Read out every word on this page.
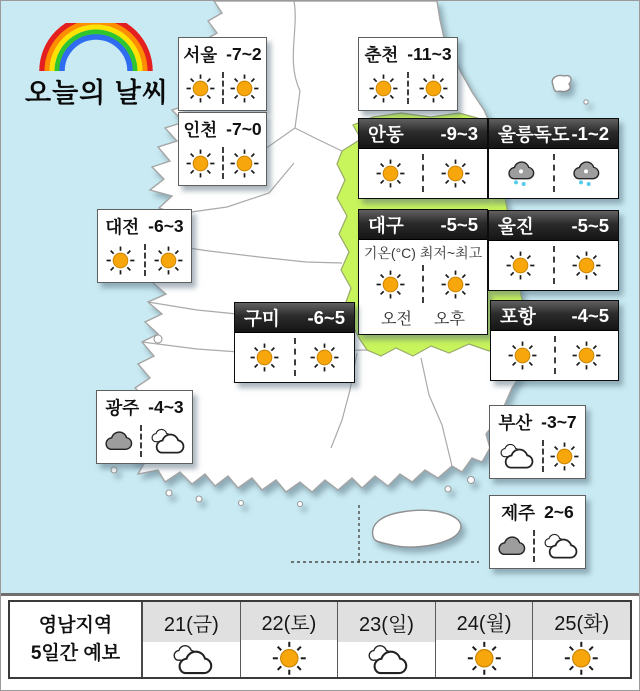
오늘의 날씨
서울 -7~2
인천 -7~0
춘천 -11~3
안동 -9~3 울릉독도 -1~2
대전 -6~3	대구 -5~5
기온(°C) 최저~최고
오전 오후
울진 -5~5
구미 -6~5	포항 -4~5
광주 -4~3
부산 -3~7
제주 2~6
영남지역
5일간 예보
21(금)	22(토)	23(일)	24(월)	25(화)
